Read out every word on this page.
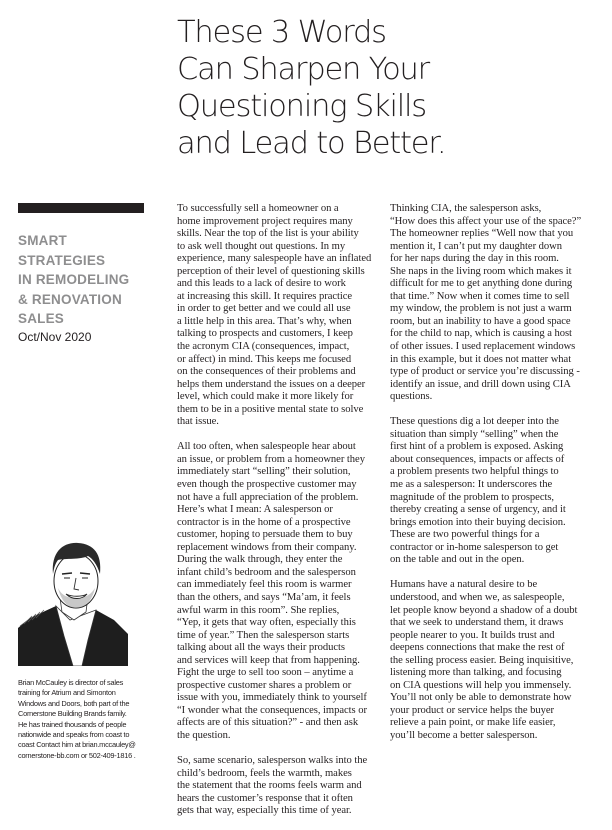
These 3 Words
Can Sharpen Your
Questioning Skills
and Lead to Better.
SMART
STRATEGIES
IN REMODELING
& RENOVATION
SALES
Oct/Nov 2020
Brian McCauley is director of sales
training for Atrium and Simonton
Windows and Doors, both part of the
Cornerstone Building Brands family.
He has trained thousands of people
nationwide and speaks from coast to
coast Contact him at brian.mccauley@
cornerstone-bb.com or 502-409-1816 .

To successfully sell a homeowner on a
home improvement project requires many
skills. Near the top of the list is your ability
to ask well thought out questions. In my
experience, many salespeople have an inflated
perception of their level of questioning skills
and this leads to a lack of desire to work
at increasing this skill. It requires practice
in order to get better and we could all use
a little help in this area. That’s why, when
talking to prospects and customers, I keep
the acronym CIA (consequences, impact,
or affect) in mind. This keeps me focused
on the consequences of their problems and
helps them understand the issues on a deeper
level, which could make it more likely for
them to be in a positive mental state to solve
that issue.

All too often, when salespeople hear about
an issue, or problem from a homeowner they
immediately start “selling” their solution,
even though the prospective customer may
not have a full appreciation of the problem.
Here’s what I mean: A salesperson or
contractor is in the home of a prospective
customer, hoping to persuade them to buy
replacement windows from their company.
During the walk through, they enter the
infant child’s bedroom and the salesperson
can immediately feel this room is warmer
than the others, and says “Ma’am, it feels
awful warm in this room”. She replies,
“Yep, it gets that way often, especially this
time of year.” Then the salesperson starts
talking about all the ways their products
and services will keep that from happening.
Fight the urge to sell too soon – anytime a
prospective customer shares a problem or
issue with you, immediately think to yourself
“I wonder what the consequences, impacts or
affects are of this situation?” - and then ask
the question.

So, same scenario, salesperson walks into the
child’s bedroom, feels the warmth, makes
the statement that the rooms feels warm and
hears the customer’s response that it often
gets that way, especially this time of year.

Thinking CIA, the salesperson asks,
“How does this affect your use of the space?”
The homeowner replies “Well now that you
mention it, I can’t put my daughter down
for her naps during the day in this room.
She naps in the living room which makes it
difficult for me to get anything done during
that time.” Now when it comes time to sell
my window, the problem is not just a warm
room, but an inability to have a good space
for the child to nap, which is causing a host
of other issues. I used replacement windows
in this example, but it does not matter what
type of product or service you’re discussing -
identify an issue, and drill down using CIA
questions.

These questions dig a lot deeper into the
situation than simply “selling” when the
first hint of a problem is exposed. Asking
about consequences, impacts or affects of
a problem presents two helpful things to
me as a salesperson: It underscores the
magnitude of the problem to prospects,
thereby creating a sense of urgency, and it
brings emotion into their buying decision.
These are two powerful things for a
contractor or in-home salesperson to get
on the table and out in the open.

Humans have a natural desire to be
understood, and when we, as salespeople,
let people know beyond a shadow of a doubt
that we seek to understand them, it draws
people nearer to you. It builds trust and
deepens connections that make the rest of
the selling process easier. Being inquisitive,
listening more than talking, and focusing
on CIA questions will help you immensely.
You’ll not only be able to demonstrate how
your product or service helps the buyer
relieve a pain point, or make life easier,
you’ll become a better salesperson.
